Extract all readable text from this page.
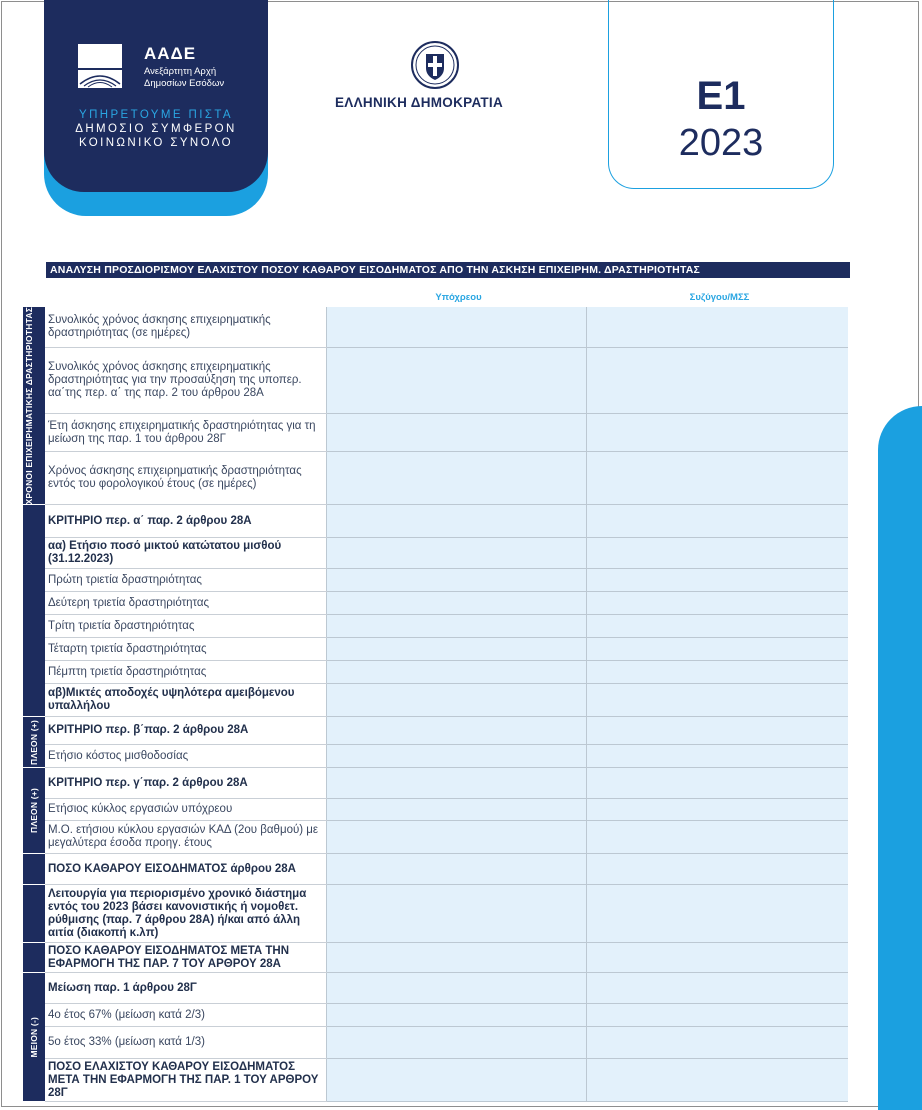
ΑΑΔΕ
Ανεξάρτητη Αρχή
Δημοσίων Εσόδων
ΥΠΗΡΕΤΟΥΜΕ ΠΙΣΤΑ
ΔΗΜΟΣΙΟ ΣΥΜΦΕΡΟΝ
ΚΟΙΝΩΝΙΚΟ ΣΥΝΟΛΟ
ΕΛΛΗΝΙΚΗ ΔΗΜΟΚΡΑΤΙΑ	Ε1
2023
ΑΝΑΛΥΣΗ ΠΡΟΣΔΙΟΡΙΣΜΟΥ ΕΛΑΧΙΣΤΟΥ ΠΟΣΟΥ ΚΑΘΑΡΟΥ ΕΙΣΟΔΗΜΑΤΟΣ ΑΠΟ ΤΗΝ ΑΣΚΗΣΗ ΕΠΙΧΕΙΡΗΜ. ΔΡΑΣΤΗΡΙΟΤΗΤΑΣ
Υπόχρεου	Συζύγου/ΜΣΣ
ΧΡΟΝΟΙ ΕΠΙΧΕΙΡΗΜΑΤΙΚΗΣ ΔΡΑΣΤΗΡΙΟΤΗΤΑΣ	Συνολικός χρόνος άσκησης επιχειρηματικής δραστηριότητας (σε ημέρες)		
	Συνολικός χρόνος άσκησης επιχειρηματικής δραστηριότητας για την προσαύξηση της υποπερ. αα΄της περ. α΄ της παρ. 2 του άρθρου 28Α		
	Έτη άσκησης επιχειρηματικής δραστηριότητας για τη μείωση της παρ. 1 του άρθρου 28Γ		
	Χρόνος άσκησης επιχειρηματικής δραστηριότητας εντός του φορολογικού έτους (σε ημέρες)		
	ΚΡΙΤΗΡΙΟ περ. α΄ παρ. 2 άρθρου 28Α		
	αα) Ετήσιο ποσό μικτού κατώτατου μισθού (31.12.2023)		
	Πρώτη τριετία δραστηριότητας		
	Δεύτερη τριετία δραστηριότητας		
	Τρίτη τριετία δραστηριότητας		
	Τέταρτη τριετία δραστηριότητας		
	Πέμπτη τριετία δραστηριότητας		
	αβ)Μικτές αποδοχές υψηλότερα αμειβόμενου υπαλλήλου		

ΠΛΕΟΝ (+)	ΚΡΙΤΗΡΙΟ περ. β΄παρ. 2 άρθρου 28Α		
	Ετήσιο κόστος μισθοδοσίας		

ΠΛΕΟΝ (+)	ΚΡΙΤΗΡΙΟ περ. γ΄παρ. 2 άρθρου 28Α		
	Ετήσιος κύκλος εργασιών υπόχρεου		
	Μ.Ο. ετήσιου κύκλου εργασιών ΚΑΔ (2ου βαθμού) με μεγαλύτερα έσοδα προηγ. έτους		
	ΠΟΣΟ ΚΑΘΑΡΟΥ ΕΙΣΟΔΗΜΑΤΟΣ άρθρου 28Α		
	Λειτουργία για περιορισμένο χρονικό διάστημα εντός του 2023 βάσει κανονιστικής ή νομοθετ. ρύθμισης (παρ. 7 άρθρου 28Α) ή/και από άλλη αιτία (διακοπή κ.λπ)		
	ΠΟΣΟ ΚΑΘΑΡΟΥ ΕΙΣΟΔΗΜΑΤΟΣ ΜΕΤΑ ΤΗΝ ΕΦΑΡΜΟΓΗ ΤΗΣ ΠΑΡ. 7 ΤΟΥ ΑΡΘΡΟΥ 28Α		

ΜΕΙΟΝ (-)	Μείωση παρ. 1 άρθρου 28Γ		
	4ο έτος 67% (μείωση κατά 2/3)		
	5ο έτος 33% (μείωση κατά 1/3)		
	ΠΟΣΟ ΕΛΑΧΙΣΤΟΥ ΚΑΘΑΡΟΥ ΕΙΣΟΔΗΜΑΤΟΣ ΜΕΤΑ ΤΗΝ ΕΦΑΡΜΟΓΗ ΤΗΣ ΠΑΡ. 1 ΤΟΥ ΑΡΘΡΟΥ 28Γ		
